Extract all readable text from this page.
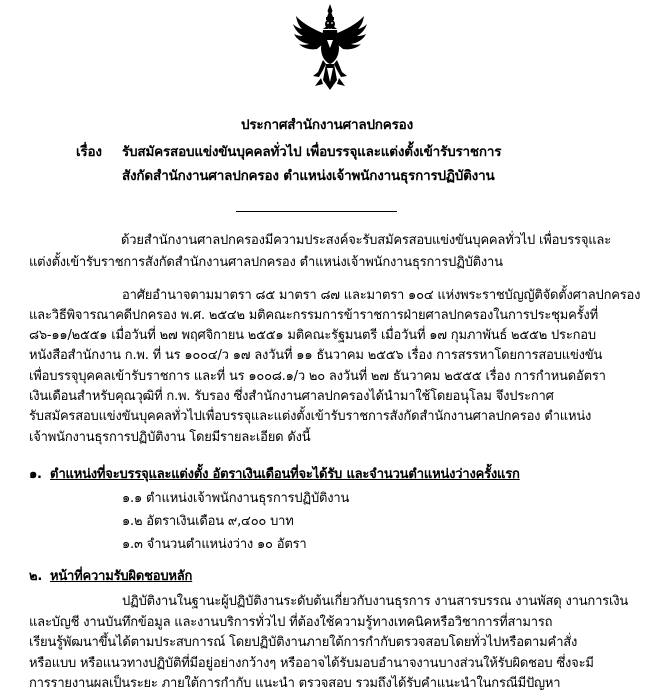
ประกาศสำนักงานศาลปกครอง
เรื่อง รับสมัครสอบแข่งขันบุคคลทั่วไป เพื่อบรรจุและแต่งตั้งเข้ารับราชการ
สังกัดสำนักงานศาลปกครอง ตำแหน่งเจ้าพนักงานธุรการปฏิบัติงาน
ด้วยสำนักงานศาลปกครองมีความประสงค์จะรับสมัครสอบแข่งขันบุคคลทั่วไป เพื่อบรรจุและ
แต่งตั้งเข้ารับราชการสังกัดสำนักงานศาลปกครอง ตำแหน่งเจ้าพนักงานธุรการปฏิบัติงาน
อาศัยอำนาจตามมาตรา ๘๕ มาตรา ๘๗ และมาตรา ๑๐๔ แห่งพระราชบัญญัติจัดตั้งศาลปกครอง
และวิธีพิจารณาคดีปกครอง พ.ศ. ๒๕๔๒ มติคณะกรรมการข้าราชการฝ่ายศาลปกครองในการประชุมครั้งที่
๘๖-๑๑/๒๕๕๑ เมื่อวันที่ ๒๗ พฤศจิกายน ๒๕๕๑ มติคณะรัฐมนตรี เมื่อวันที่ ๑๗ กุมภาพันธ์ ๒๕๕๒ ประกอบ
หนังสือสำนักงาน ก.พ. ที่ นร ๑๐๐๔/ว ๑๗ ลงวันที่ ๑๑ ธันวาคม ๒๕๕๖ เรื่อง การสรรหาโดยการสอบแข่งขัน
เพื่อบรรจุบุคคลเข้ารับราชการ และที่ นร ๑๐๐๘.๑/ว ๒๐ ลงวันที่ ๒๗ ธันวาคม ๒๕๕๕ เรื่อง การกำหนดอัตรา
เงินเดือนสำหรับคุณวุฒิที่ ก.พ. รับรอง ซึ่งสำนักงานศาลปกครองได้นำมาใช้โดยอนุโลม จึงประกาศ
รับสมัครสอบแข่งขันบุคคลทั่วไปเพื่อบรรจุและแต่งตั้งเข้ารับราชการสังกัดสำนักงานศาลปกครอง ตำแหน่ง
เจ้าพนักงานธุรการปฏิบัติงาน โดยมีรายละเอียด ดังนี้
๑. ตำแหน่งที่จะบรรจุและแต่งตั้ง อัตราเงินเดือนที่จะได้รับ และจำนวนตำแหน่งว่างครั้งแรก
๑.๑ ตำแหน่งเจ้าพนักงานธุรการปฏิบัติงาน
๑.๒ อัตราเงินเดือน ๙,๔๐๐ บาท
๑.๓ จำนวนตำแหน่งว่าง ๑๐ อัตรา
๒. หน้าที่ความรับผิดชอบหลัก
ปฏิบัติงานในฐานะผู้ปฏิบัติงานระดับต้นเกี่ยวกับงานธุรการ งานสารบรรณ งานพัสดุ งานการเงิน
และบัญชี งานบันทึกข้อมูล และงานบริการทั่วไป ที่ต้องใช้ความรู้ทางเทคนิคหรือวิชาการที่สามารถ
เรียนรู้พัฒนาขึ้นได้ตามประสบการณ์ โดยปฏิบัติงานภายใต้การกำกับตรวจสอบโดยทั่วไปหรือตามคำสั่ง
หรือแบบ หรือแนวทางปฏิบัติที่มีอยู่อย่างกว้างๆ หรืออาจได้รับมอบอำนาจงานบางส่วนให้รับผิดชอบ ซึ่งจะมี
การรายงานผลเป็นระยะ ภายใต้การกำกับ แนะนำ ตรวจสอบ รวมถึงได้รับคำแนะนำในกรณีมีปัญหา
